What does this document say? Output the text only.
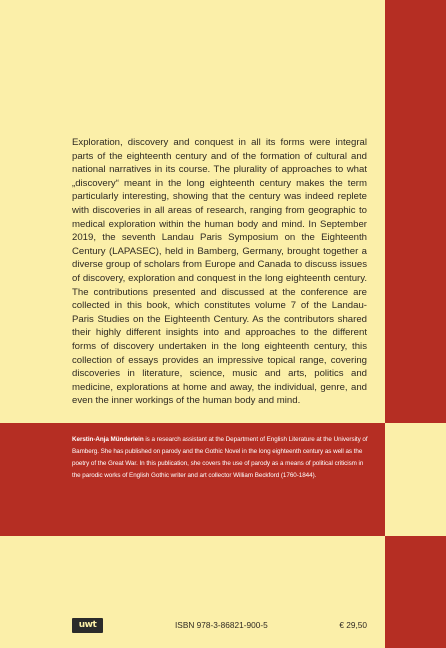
Exploration, discovery and conquest in all its forms were integral parts of the eighteenth century and of the formation of cultural and national narratives in its course. The plurality of approaches to what „discovery“ meant in the long eighteenth century makes the term particularly interesting, showing that the century was indeed replete with discoveries in all areas of research, ranging from geographic to medical exploration within the human body and mind. In September 2019, the seventh Landau Paris Symposium on the Eighteenth Century (LAPASEC), held in Bamberg, Germany, brought together a diverse group of scholars from Europe and Canada to discuss issues of discovery, exploration and conquest in the long eighteenth century. The contributions presented and discussed at the conference are collected in this book, which constitutes volume 7 of the Landau-Paris Studies on the Eighteenth Century. As the contributors shared their highly different insights into and approaches to the different forms of discovery undertaken in the long eighteenth century, this collection of essays provides an impressive topical range, covering discoveries in literature, science, music and arts, politics and medicine, explorations at home and away, the individual, genre, and even the inner workings of the human body and mind.

Kerstin-Anja Münderlein is a research assistant at the Department of English Literature at the University of Bamberg. She has published on parody and the Gothic Novel in the long eighteenth century as well as the poetry of the Great War. In this publication, she covers the use of parody as a means of political criticism in the parodic works of English Gothic writer and art collector William Beckford (1760-1844).

uwt	ISBN 978-3-86821-900-5	€ 29,50
